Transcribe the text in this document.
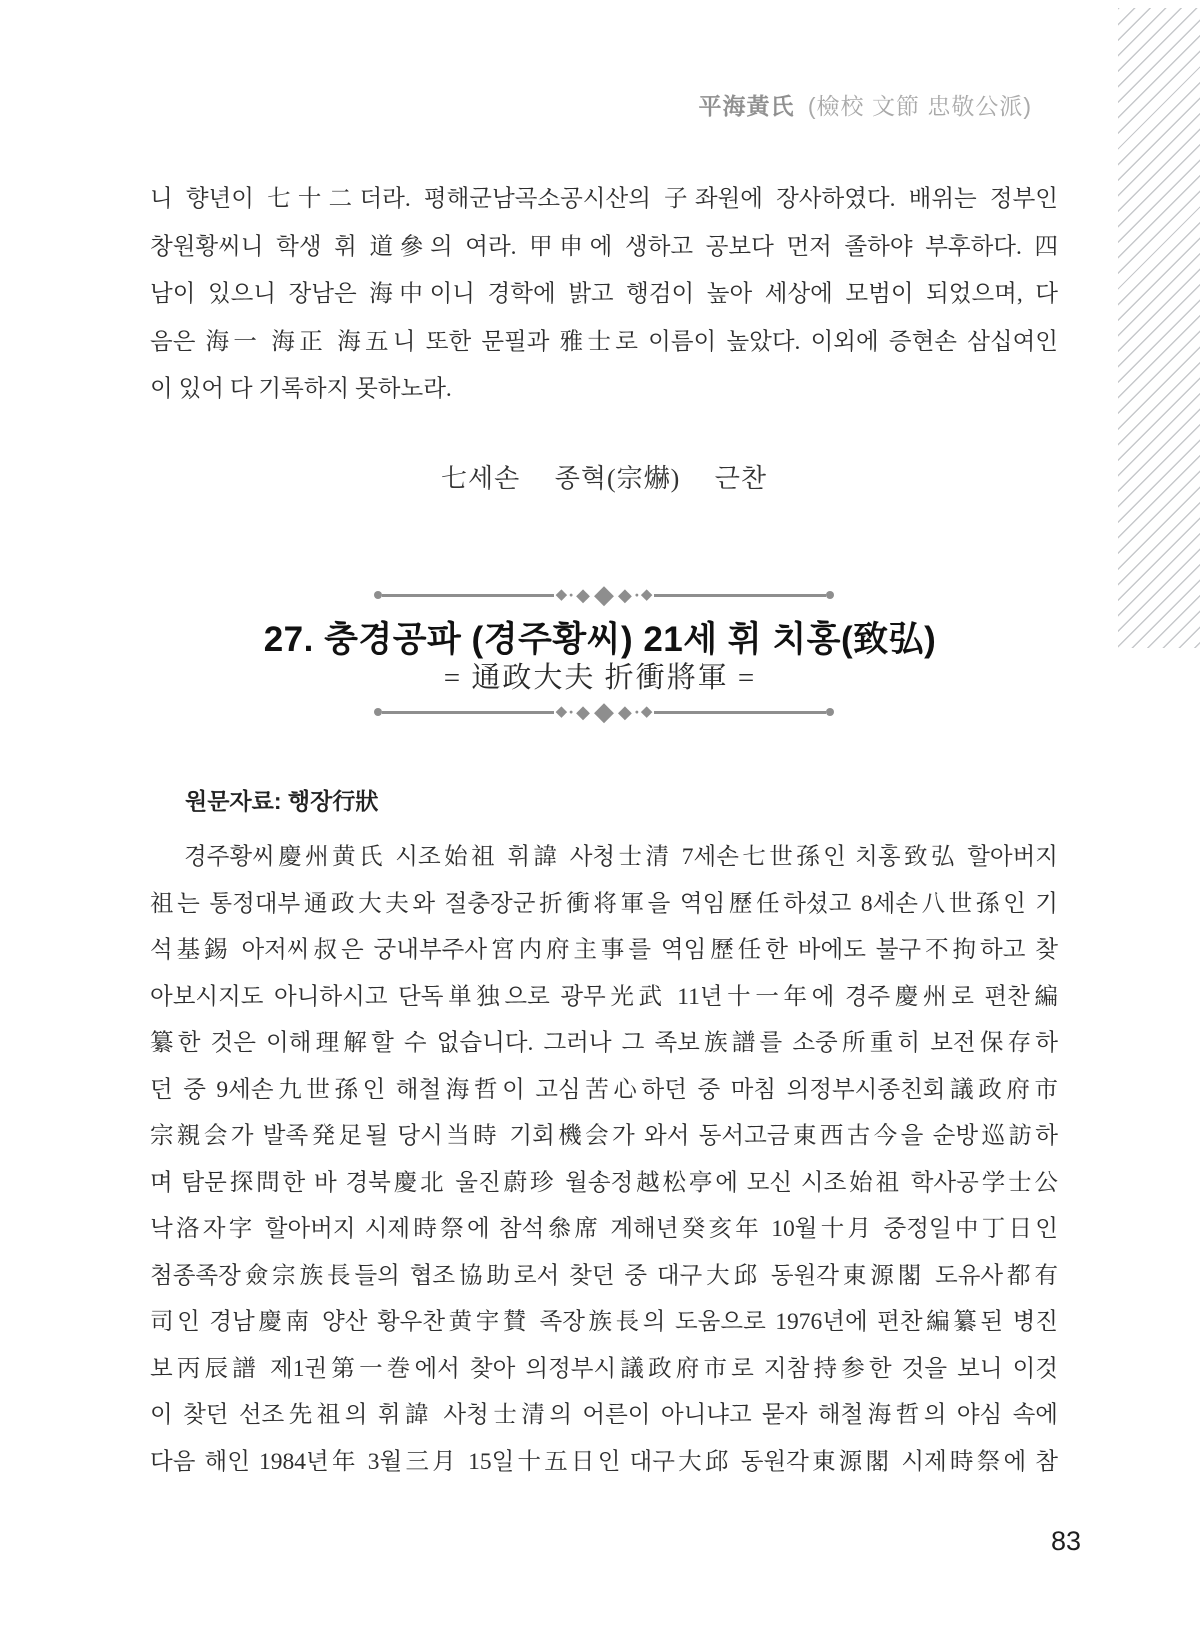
平海黃氏 (檢校 文節 忠敬公派)
니 향년이 七十二더라. 평해군남곡소공시산의 子좌원에 장사하였다. 배위는 정부인
창원황씨니 학생 휘 道參의 여라. 甲申에 생하고 공보다 먼저 졸하야 부후하다. 四
남이 있으니 장남은 海中이니 경학에 밝고 행검이 높아 세상에 모범이 되었으며, 다
음은 海一 海正 海五니 또한 문필과 雅士로 이름이 높았다. 이외에 증현손 삼십여인
이 있어 다 기록하지 못하노라.
七세손　 종혁(宗爀)　 근찬
◆ · ◆ ◆ ◆ · ◆
27. 충경공파 (경주황씨) 21세 휘 치홍(致弘)
= 通政大夫 折衝將軍 =
◆ · ◆ ◆ ◆ · ◆
원문자료: 행장行狀
경주황씨慶州黄氏 시조始祖 휘諱 사청士清 7세손七世孫인 치홍致弘 할아버지
祖는 통정대부通政大夫와 절충장군折衝将軍을 역임歷任하셨고 8세손八世孫인 기
석基錫 아저씨叔은 궁내부주사宮内府主事를 역임歷任한 바에도 불구不拘하고 찾
아보시지도 아니하시고 단독単独으로 광무光武 11년十一年에 경주慶州로 편찬編
纂한 것은 이해理解할 수 없습니다. 그러나 그 족보族譜를 소중所重히 보전保存하
던 중 9세손九世孫인 해철海哲이 고심苦心하던 중 마침 의정부시종친회議政府市
宗親会가 발족発足될 당시当時 기회機会가 와서 동서고금東西古今을 순방巡訪하
며 탐문探問한 바 경북慶北 울진蔚珍 월송정越松亭에 모신 시조始祖 학사공学士公
낙洛자字 할아버지 시제時祭에 참석叅席 계해년癸亥年 10월十月 중정일中丁日인
첨종족장僉宗族長들의 협조協助로서 찾던 중 대구大邱 동원각東源閣 도유사都有
司인 경남慶南 양산 황우찬黄宇賛 족장族長의 도움으로 1976년에 편찬編纂된 병진
보丙辰譜 제1권第一巻에서 찾아 의정부시議政府市로 지참持参한 것을 보니 이것
이 찾던 선조先祖의 휘諱 사청士清의 어른이 아니냐고 묻자 해철海哲의 야심 속에
다음 해인 1984년年 3월三月 15일十五日인 대구大邱 동원각東源閣 시제時祭에 참
83
